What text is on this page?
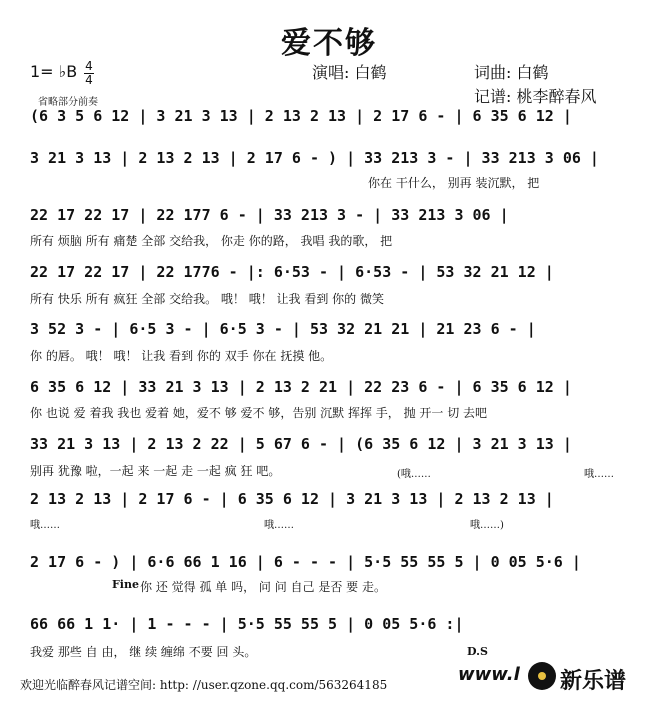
爱不够
1= ♭B 4
4	演唱: 白鹤	词曲: 白鹤
记谱: 桃李醉春风
省略部分前奏
(6 3 5 6 12 | 3 21 3 13 | 2 13 2 13 | 2 17 6 - | 6 35 6 12 |
3 21 3 13 | 2 13 2 13 | 2 17 6 - ) | 33 213 3 - | 33 213 3 06 |
你在 干什么， 别再 装沉默， 把
22 17 22 17 | 22 177 6 - | 33 213 3 - | 33 213 3 06 |
所有 烦脑 所有 痛楚 全部 交给我， 你走 你的路， 我唱 我的歌， 把
22 17 22 17 | 22 1776 - |: 6·53 - | 6·53 - | 53 32 21 12 |
所有 快乐 所有 疯狂 全部 交给我。 哦！ 哦！ 让我 看到 你的 微笑
3 52 3 - | 6·5 3 - | 6·5 3 - | 53 32 21 21 | 21 23 6 - |
你 的唇。 哦！ 哦！ 让我 看到 你的 双手 你在 抚摸 他。
6 35 6 12 | 33 21 3 13 | 2 13 2 21 | 22 23 6 - | 6 35 6 12 |
你 也说 爱 着我 我也 爱着 她，爱不 够 爱不 够，告别 沉默 挥挥 手， 抛 开一 切 去吧
33 21 3 13 | 2 13 2 22 | 5 67 6 - | (6 35 6 12 | 3 21 3 13 |
别再 犹豫 啦，一起 来 一起 走 一起 疯 狂 吧。	(哦……	哦……
2 13 2 13 | 2 17 6 - | 6 35 6 12 | 3 21 3 13 | 2 13 2 13 |
哦……	哦……	哦……)
2 17 6 - ) | 6·6 66 1 16 | 6 - - - | 5·5 55 55 5 | 0 05 5·6 |
Fine 你 还 觉得 孤 单 吗， 问 问 自己 是否 要 走。
66 66 1 1· | 1 - - - | 5·5 55 55 5 | 0 05 5·6 :|
我爱 那些 自 由， 继 续 缠绵 不要 回 头。	D.S
欢迎光临醉春风记谱空间: http: //user.qzone.qq.com/563264185	www.l 新乐谱
